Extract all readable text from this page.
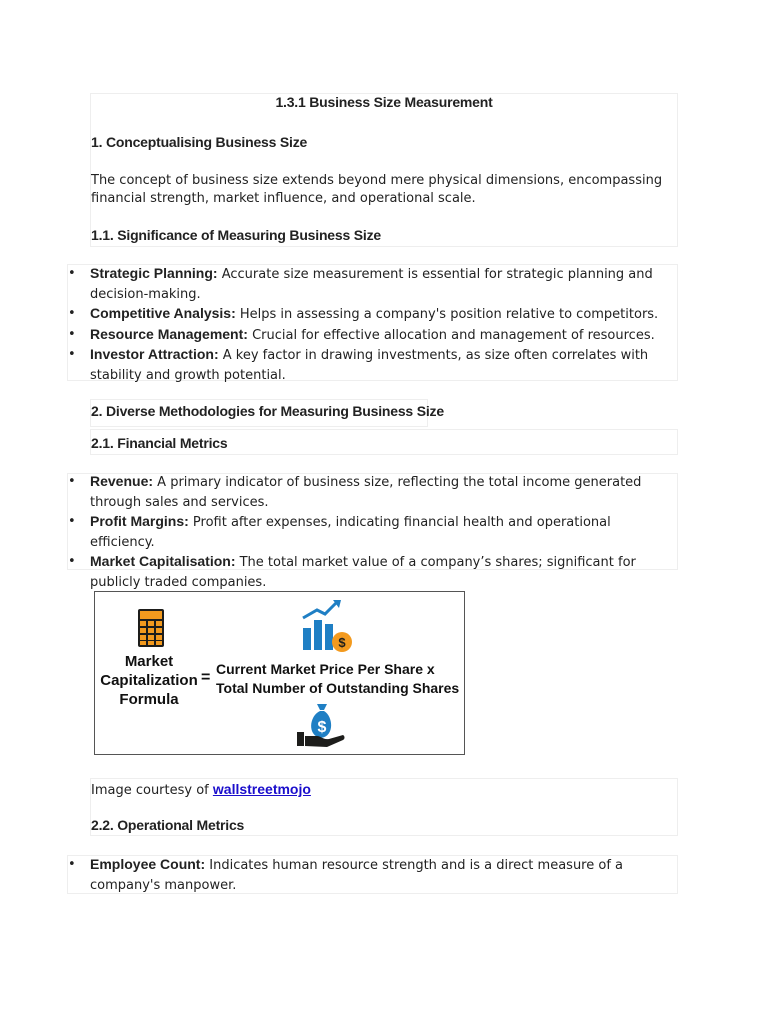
1.3.1 Business Size Measurement
1. Conceptualising Business Size
The concept of business size extends beyond mere physical dimensions, encompassing financial strength, market influence, and operational scale.
1.1. Significance of Measuring Business Size
• Strategic Planning: Accurate size measurement is essential for strategic planning and decision-making.
• Competitive Analysis: Helps in assessing a company's position relative to competitors.
• Resource Management: Crucial for effective allocation and management of resources.
• Investor Attraction: A key factor in drawing investments, as size often correlates with stability and growth potential.
2. Diverse Methodologies for Measuring Business Size
2.1. Financial Metrics
• Revenue: A primary indicator of business size, reflecting the total income generated through sales and services.
• Profit Margins: Profit after expenses, indicating financial health and operational efficiency.
• Market Capitalisation: The total market value of a company’s shares; significant for publicly traded companies.
Market
Capitalization
Formula
=
$
Current Market Price Per Share x
Total Number of Outstanding Shares
$
Image courtesy of wallstreetmojo
2.2. Operational Metrics
• Employee Count: Indicates human resource strength and is a direct measure of a company's manpower.
